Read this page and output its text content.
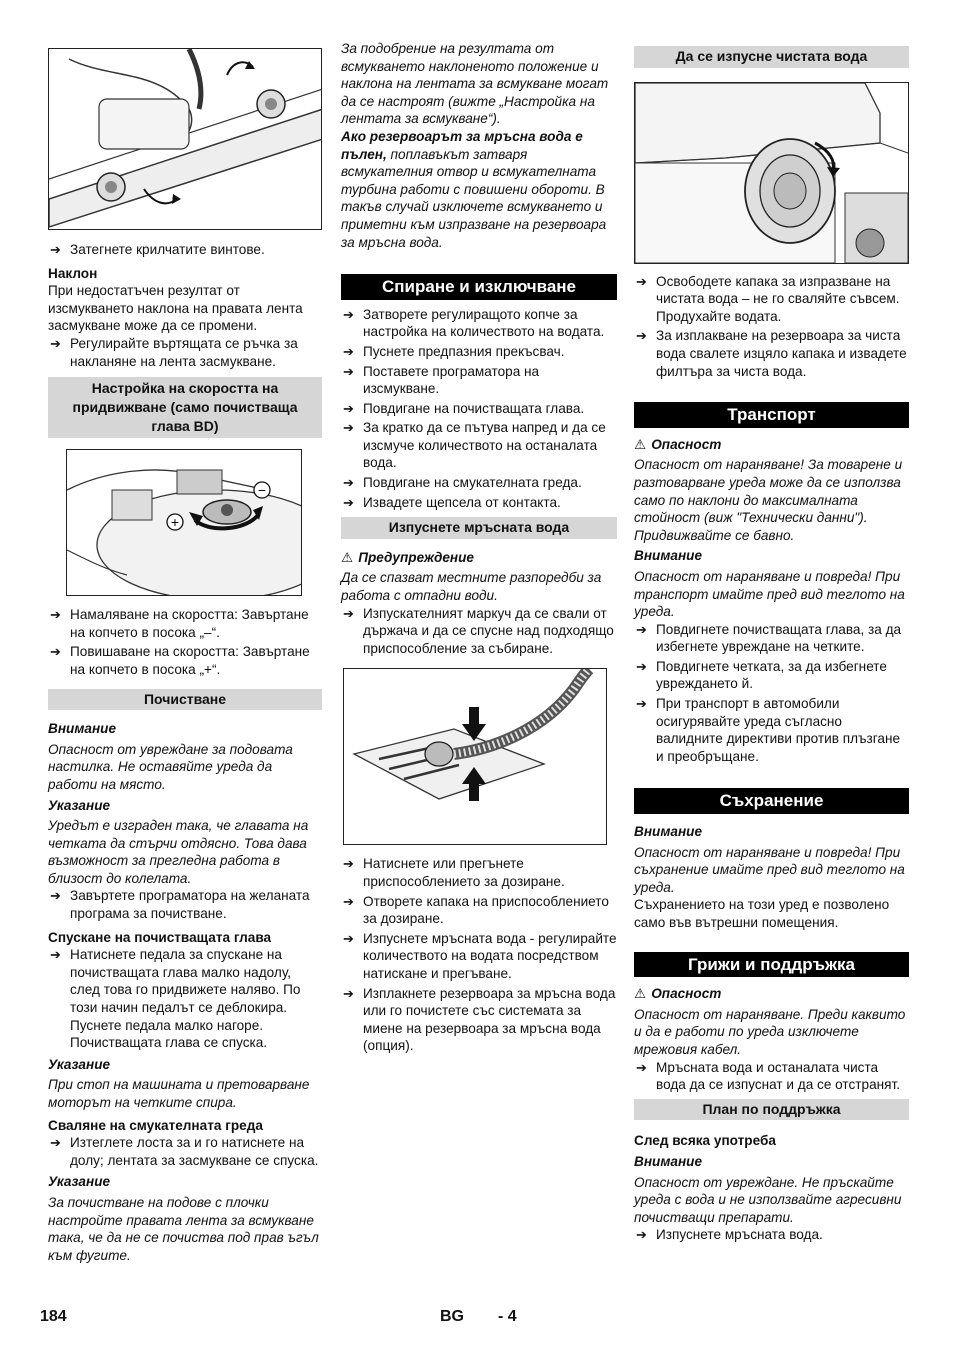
➔ Затегнете крилчатите винтове.

Наклон

При недостатъчен резултат от изсмукването наклона на правата лента засмукване може да се промени.

➔ Регулирайте въртящата се ръчка за накланяне на лента засмукване.
Настройка на скоростта на придвижване (само почистваща глава BD)
+
−
➔ Намаляване на скоростта: Завъртане на копчето в посока „–“.
➔ Повишаване на скоростта: Завъртане на копчето в посока „+“.
Почистване

Внимание

Опасност от увреждане за подовата настилка. Не оставяйте уреда да работи на място.

Указание

Уредът е изграден така, че главата на четката да стърчи отдясно. Това дава възможност за прегледна работа в близост до колелата.

➔ Завъртете програматора на желаната програма за почистване.

Спускане на почистващата глава

➔ Натиснете педала за спускане на почистващата глава малко надолу, след това го придвижете наляво. По този начин педалът се деблокира. Пуснете педала малко нагоре. Почистващата глава се спуска.

Указание

При стоп на машината и претоварване моторът на четките спира.

Сваляне на смукателната греда

➔ Изтеглете лоста за и го натиснете на долу; лентата за засмукване се спуска.

Указание

За почистване на подове с плочки настройте правата лента за всмукване така, че да не се почиства под прав ъгъл към фугите.

За подобрение на резултата от всмукването наклоненото положение и наклона на лентата за всмукване могат да се настроят (вижте „Настройка на лентата за всмукване“).

Ако резервоарът за мръсна вода е пълен, поплавъкът затваря всмукателния отвор и всмукателната турбина работи с повишени обороти. В такъв случай изключете всмукването и приметни към изпразване на резервоара за мръсна вода.

Спиране и изключване
➔ Затворете регулиращото копче за настройка на количеството на водата.
➔ Пуснете предпазния прекъсвач.
➔ Поставете програматора на изсмукване.
➔ Повдигане на почистващата глава.
➔ За кратко да се пътува напред и да се изсмуче количеството на останалата вода.
➔ Повдигане на смукателната греда.
➔ Извадете щепсела от контакта.
Изпуснете мръсната вода

⚠ Предупреждение

Да се спазват местните разпоредби за работа с отпадни води.

➔ Изпускателният маркуч да се свали от държача и да се спусне над подходящо приспособление за събиране.
➔ Натиснете или прегънете приспособлението за дозиране.
➔ Отворете капака на приспособлението за дозиране.
➔ Изпуснете мръсната вода - регулирайте количеството на водата посредством натискане и прегъване.
➔ Изплакнете резервоара за мръсна вода или го почистете със системата за миене на резервоара за мръсна вода (опция).
Да се изпусне чистата вода
➔ Освободете капака за изпразване на чистата вода – не го сваляйте съвсем. Продухайте водата.
➔ За изплакване на резервоара за чиста вода свалете изцяло капака и извадете филтъра за чиста вода.
Транспорт

⚠ Опасност

Опасност от нараняване! За товарене и разтоварване уреда може да се използва само по наклони до максималната стойност (виж "Технически данни"). Придвижвайте се бавно.

Внимание

Опасност от нараняване и повреда! При транспорт имайте пред вид теглото на уреда.

➔ Повдигнете почистващата глава, за да избегнете увреждане на четките.
➔ Повдигнете четката, за да избегнете увреждането й.
➔ При транспорт в автомобили осигурявайте уреда съгласно валидните директиви против плъзгане и преобръщане.
Съхранение

Внимание

Опасност от нараняване и повреда! При съхранение имайте пред вид теглото на уреда.

Съхранението на този уред е позволено само във вътрешни помещения.

Грижи и поддръжка

⚠ Опасност

Опасност от нараняване. Преди каквито и да е работи по уреда изключете мрежовия кабел.

➔ Мръсната вода и останалата чиста вода да се изпуснат и да се отстранят.
План по поддръжка

След всяка употреба

Внимание

Опасност от увреждане. Не пръскайте уреда с вода и не използвайте агресивни почистващи препарати.

➔ Изпуснете мръсната вода.
184	BG - 4
